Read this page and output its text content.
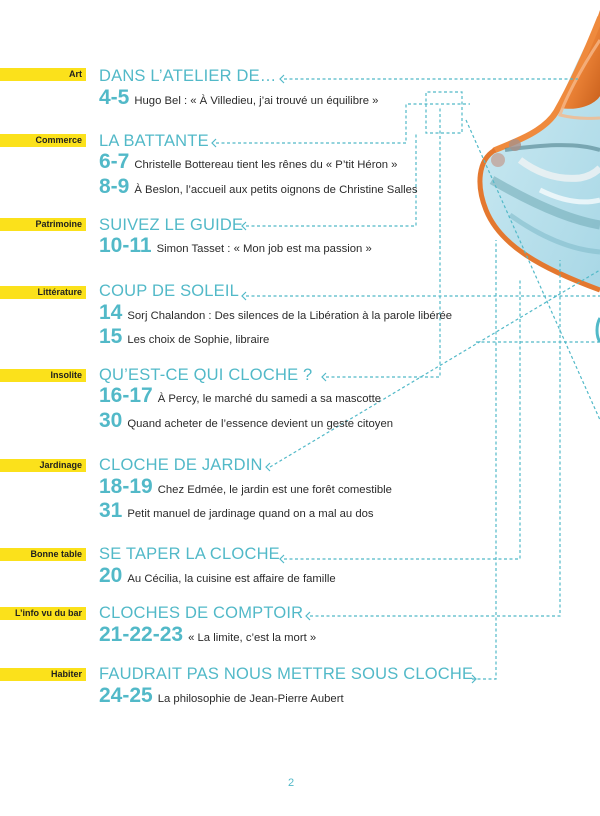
Art DANS L’ATELIER DE…
4-5 Hugo Bel : « À Villedieu, j’ai trouvé un équilibre »
Commerce LA BATTANTE
6-7 Christelle Bottereau tient les rênes du « P’tit Héron »
8-9 À Beslon, l’accueil aux petits oignons de Christine Salles
Patrimoine SUIVEZ LE GUIDE
10-11 Simon Tasset : « Mon job est ma passion »
Littérature COUP DE SOLEIL
14 Sorj Chalandon : Des silences de la Libération à la parole libérée
15 Les choix de Sophie, libraire
Insolite QU’EST-CE QUI CLOCHE ?
16-17 À Percy, le marché du samedi a sa mascotte
30 Quand acheter de l’essence devient un geste citoyen
Jardinage CLOCHE DE JARDIN
18-19 Chez Edmée, le jardin est une forêt comestible
31 Petit manuel de jardinage quand on a mal au dos
Bonne table SE TAPER LA CLOCHE
20 Au Cécilia, la cuisine est affaire de famille
L’info vu du bar CLOCHES DE COMPTOIR
21-22-23 « La limite, c’est la mort »
Habiter FAUDRAIT PAS NOUS METTRE SOUS CLOCHE
24-25 La philosophie de Jean-Pierre Aubert
2
